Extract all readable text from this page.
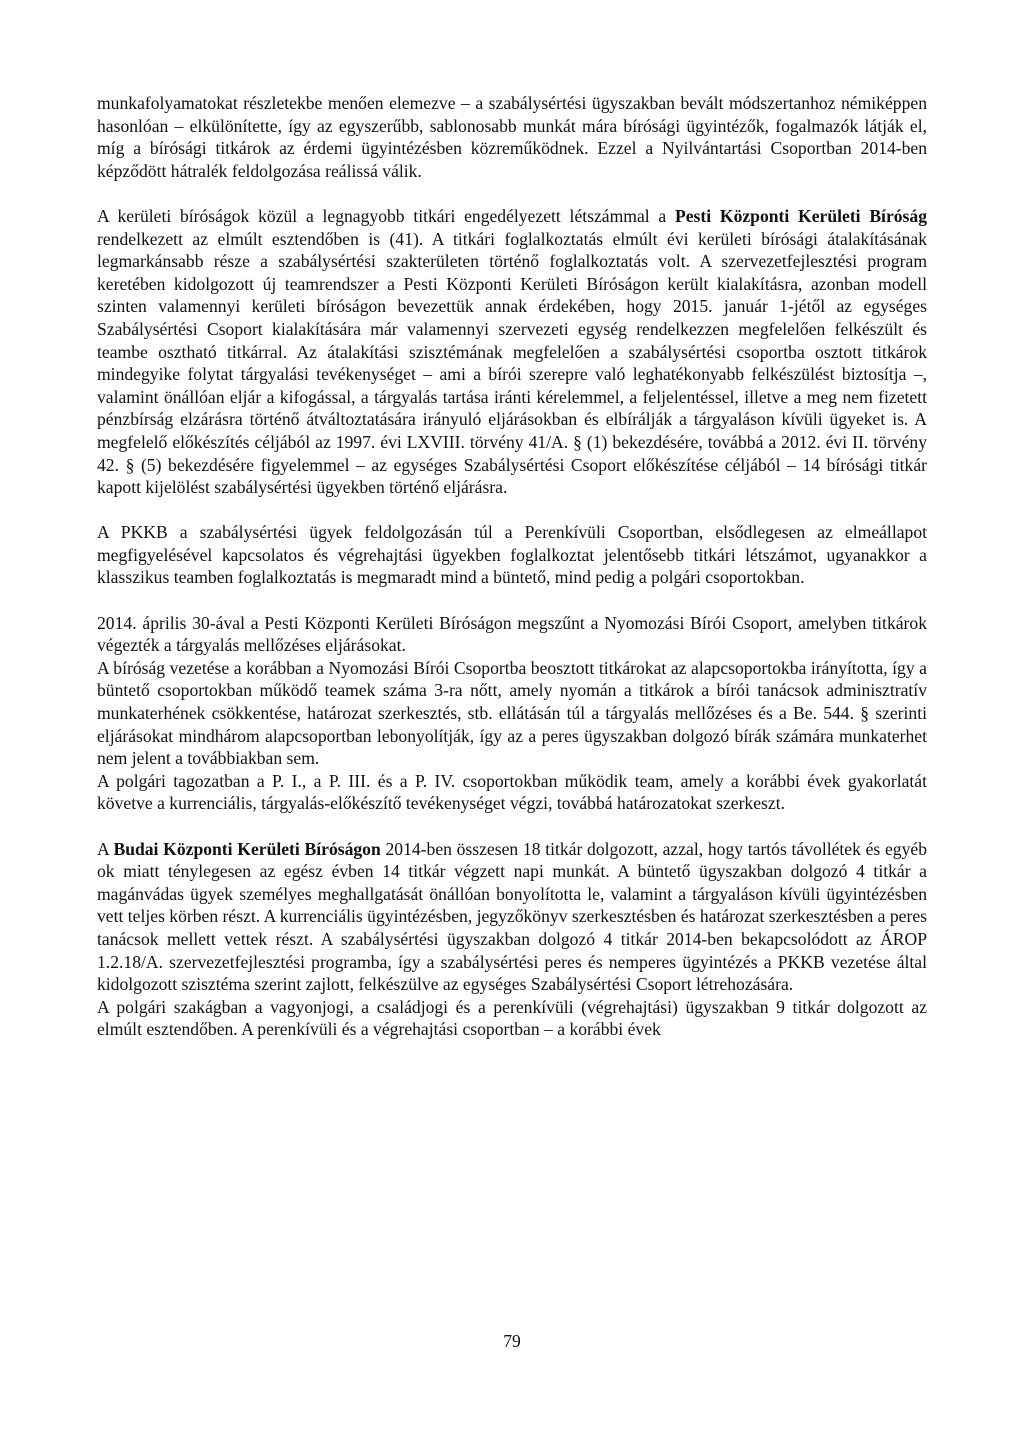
munkafolyamatokat részletekbe menően elemezve – a szabálysértési ügyszakban bevált módszertanhoz némiképpen hasonlóan – elkülönítette, így az egyszerűbb, sablonosabb munkát mára bírósági ügyintézők, fogalmazók látják el, míg a bírósági titkárok az érdemi ügyintézésben közreműködnek. Ezzel a Nyilvántartási Csoportban 2014-ben képződött hátralék feldolgozása reálissá válik.

A kerületi bíróságok közül a legnagyobb titkári engedélyezett létszámmal a Pesti Központi Kerületi Bíróság rendelkezett az elmúlt esztendőben is (41). A titkári foglalkoztatás elmúlt évi kerületi bírósági átalakításának legmarkánsabb része a szabálysértési szakterületen történő foglalkoztatás volt. A szervezetfejlesztési program keretében kidolgozott új teamrendszer a Pesti Központi Kerületi Bíróságon került kialakításra, azonban modell szinten valamennyi kerületi bíróságon bevezettük annak érdekében, hogy 2015. január 1-jétől az egységes Szabálysértési Csoport kialakítására már valamennyi szervezeti egység rendelkezzen megfelelően felkészült és teambe osztható titkárral. Az átalakítási szisztémának megfelelően a szabálysértési csoportba osztott titkárok mindegyike folytat tárgyalási tevékenységet – ami a bírói szerepre való leghatékonyabb felkészülést biztosítja –, valamint önállóan eljár a kifogással, a tárgyalás tartása iránti kérelemmel, a feljelentéssel, illetve a meg nem fizetett pénzbírság elzárásra történő átváltoztatására irányuló eljárásokban és elbírálják a tárgyaláson kívüli ügyeket is. A megfelelő előkészítés céljából az 1997. évi LXVIII. törvény 41/A. § (1) bekezdésére, továbbá a 2012. évi II. törvény 42. § (5) bekezdésére figyelemmel – az egységes Szabálysértési Csoport előkészítése céljából – 14 bírósági titkár kapott kijelölést szabálysértési ügyekben történő eljárásra.

A PKKB a szabálysértési ügyek feldolgozásán túl a Perenkívüli Csoportban, elsődlegesen az elmeállapot megfigyelésével kapcsolatos és végrehajtási ügyekben foglalkoztat jelentősebb titkári létszámot, ugyanakkor a klasszikus teamben foglalkoztatás is megmaradt mind a büntető, mind pedig a polgári csoportokban.

2014. április 30-ával a Pesti Központi Kerületi Bíróságon megszűnt a Nyomozási Bírói Csoport, amelyben titkárok végezték a tárgyalás mellőzéses eljárásokat.

A bíróság vezetése a korábban a Nyomozási Bírói Csoportba beosztott titkárokat az alapcsoportokba irányította, így a büntető csoportokban működő teamek száma 3-ra nőtt, amely nyomán a titkárok a bírói tanácsok adminisztratív munkaterhének csökkentése, határozat szerkesztés, stb. ellátásán túl a tárgyalás mellőzéses és a Be. 544. § szerinti eljárásokat mindhárom alapcsoportban lebonyolítják, így az a peres ügyszakban dolgozó bírák számára munkaterhet nem jelent a továbbiakban sem.

A polgári tagozatban a P. I., a P. III. és a P. IV. csoportokban működik team, amely a korábbi évek gyakorlatát követve a kurrenciális, tárgyalás-előkészítő tevékenységet végzi, továbbá határozatokat szerkeszt.

A Budai Központi Kerületi Bíróságon 2014-ben összesen 18 titkár dolgozott, azzal, hogy tartós távollétek és egyéb ok miatt ténylegesen az egész évben 14 titkár végzett napi munkát. A büntető ügyszakban dolgozó 4 titkár a magánvádas ügyek személyes meghallgatását önállóan bonyolította le, valamint a tárgyaláson kívüli ügyintézésben vett teljes körben részt. A kurrenciális ügyintézésben, jegyzőkönyv szerkesztésben és határozat szerkesztésben a peres tanácsok mellett vettek részt. A szabálysértési ügyszakban dolgozó 4 titkár 2014-ben bekapcsolódott az ÁROP 1.2.18/A. szervezetfejlesztési programba, így a szabálysértési peres és nemperes ügyintézés a PKKB vezetése által kidolgozott szisztéma szerint zajlott, felkészülve az egységes Szabálysértési Csoport létrehozására.

A polgári szakágban a vagyonjogi, a családjogi és a perenkívüli (végrehajtási) ügyszakban 9 titkár dolgozott az elmúlt esztendőben. A perenkívüli és a végrehajtási csoportban – a korábbi évek

79
